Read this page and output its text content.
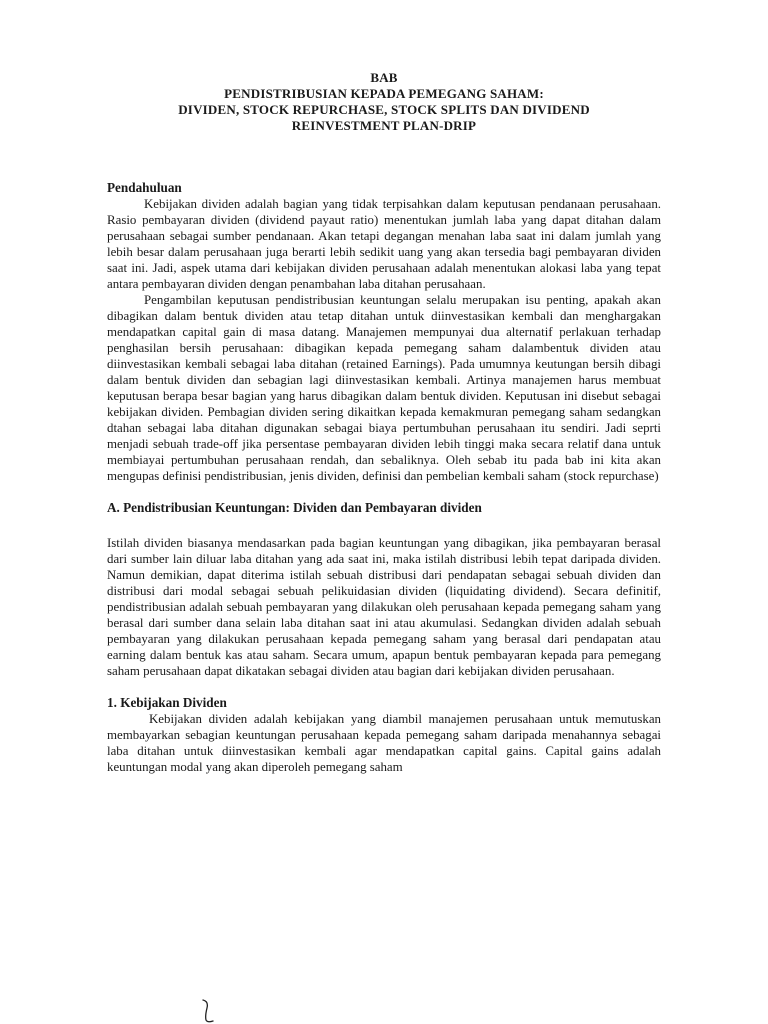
BAB
PENDISTRIBUSIAN KEPADA PEMEGANG SAHAM:
DIVIDEN, STOCK REPURCHASE, STOCK SPLITS DAN DIVIDEND
REINVESTMENT PLAN-DRIP

Pendahuluan

Kebijakan dividen adalah bagian yang tidak terpisahkan dalam keputusan pendanaan perusahaan. Rasio pembayaran dividen (dividend payaut ratio) menentukan jumlah laba yang dapat ditahan dalam perusahaan sebagai sumber pendanaan. Akan tetapi degangan menahan laba saat ini dalam jumlah yang lebih besar dalam perusahaan juga berarti lebih sedikit uang yang akan tersedia bagi pembayaran dividen saat ini. Jadi, aspek utama dari kebijakan dividen perusahaan adalah menentukan alokasi laba yang tepat antara pembayaran dividen dengan penambahan laba ditahan perusahaan.

Pengambilan keputusan pendistribusian keuntungan selalu merupakan isu penting, apakah akan dibagikan dalam bentuk dividen atau tetap ditahan untuk diinvestasikan kembali dan menghargakan mendapatkan capital gain di masa datang. Manajemen mempunyai dua alternatif perlakuan terhadap penghasilan bersih perusahaan: dibagikan kepada pemegang saham dalambentuk dividen atau diinvestasikan kembali sebagai laba ditahan (retained Earnings). Pada umumnya keutungan bersih dibagi dalam bentuk dividen dan sebagian lagi diinvestasikan kembali. Artinya manajemen harus membuat keputusan berapa besar bagian yang harus dibagikan dalam bentuk dividen. Keputusan ini disebut sebagai kebijakan dividen. Pembagian dividen sering dikaitkan kepada kemakmuran pemegang saham sedangkan dtahan sebagai laba ditahan digunakan sebagai biaya pertumbuhan perusahaan itu sendiri. Jadi seprti menjadi sebuah trade-off jika persentase pembayaran dividen lebih tinggi maka secara relatif dana untuk membiayai pertumbuhan perusahaan rendah, dan sebaliknya. Oleh sebab itu pada bab ini kita akan mengupas definisi pendistribusian, jenis dividen, definisi dan pembelian kembali saham (stock repurchase)

A. Pendistribusian Keuntungan: Dividen dan Pembayaran dividen

Istilah dividen biasanya mendasarkan pada bagian keuntungan yang dibagikan, jika pembayaran berasal dari sumber lain diluar laba ditahan yang ada saat ini, maka istilah distribusi lebih tepat daripada dividen. Namun demikian, dapat diterima istilah sebuah distribusi dari pendapatan sebagai sebuah dividen dan distribusi dari modal sebagai sebuah pelikuidasian dividen (liquidating dividend). Secara definitif, pendistribusian adalah sebuah pembayaran yang dilakukan oleh perusahaan kepada pemegang saham yang berasal dari sumber dana selain laba ditahan saat ini atau akumulasi. Sedangkan dividen adalah sebuah pembayaran yang dilakukan perusahaan kepada pemegang saham yang berasal dari pendapatan atau earning dalam bentuk kas atau saham. Secara umum, apapun bentuk pembayaran kepada para pemegang saham perusahaan dapat dikatakan sebagai dividen atau bagian dari kebijakan dividen perusahaan.

1. Kebijakan Dividen

Kebijakan dividen adalah kebijakan yang diambil manajemen perusahaan untuk memutuskan membayarkan sebagian keuntungan perusahaan kepada pemegang saham daripada menahannya sebagai laba ditahan untuk diinvestasikan kembali agar mendapatkan capital gains. Capital gains adalah keuntungan modal yang akan diperoleh pemegang saham
